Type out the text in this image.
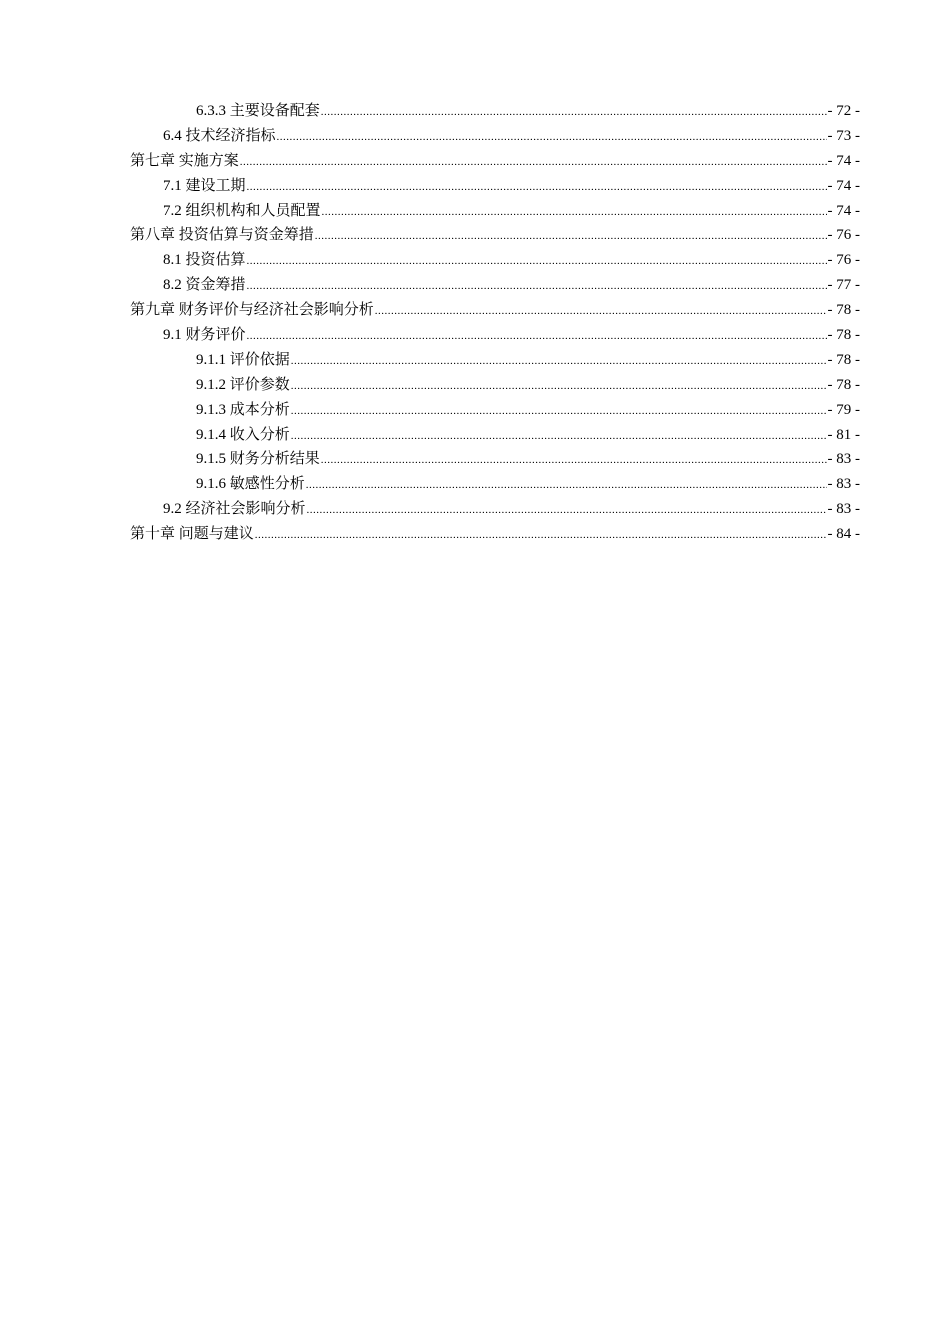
6.3.3 主要设备配套 .....	- 72 -
6.4 技术经济指标 .....	- 73 -
第七章 实施方案 .....	- 74 -
7.1 建设工期 .....	- 74 -
7.2 组织机构和人员配置 .....	- 74 -
第八章 投资估算与资金筹措 .....	- 76 -
8.1 投资估算 .....	- 76 -
8.2 资金筹措 .....	- 77 -
第九章 财务评价与经济社会影响分析 .....	- 78 -
9.1 财务评价 .....	- 78 -
9.1.1 评价依据 .....	- 78 -
9.1.2 评价参数 .....	- 78 -
9.1.3 成本分析 .....	- 79 -
9.1.4 收入分析 .....	- 81 -
9.1.5 财务分析结果 .....	- 83 -
9.1.6 敏感性分析 .....	- 83 -
9.2 经济社会影响分析 .....	- 83 -
第十章 问题与建议 .....	- 84 -
